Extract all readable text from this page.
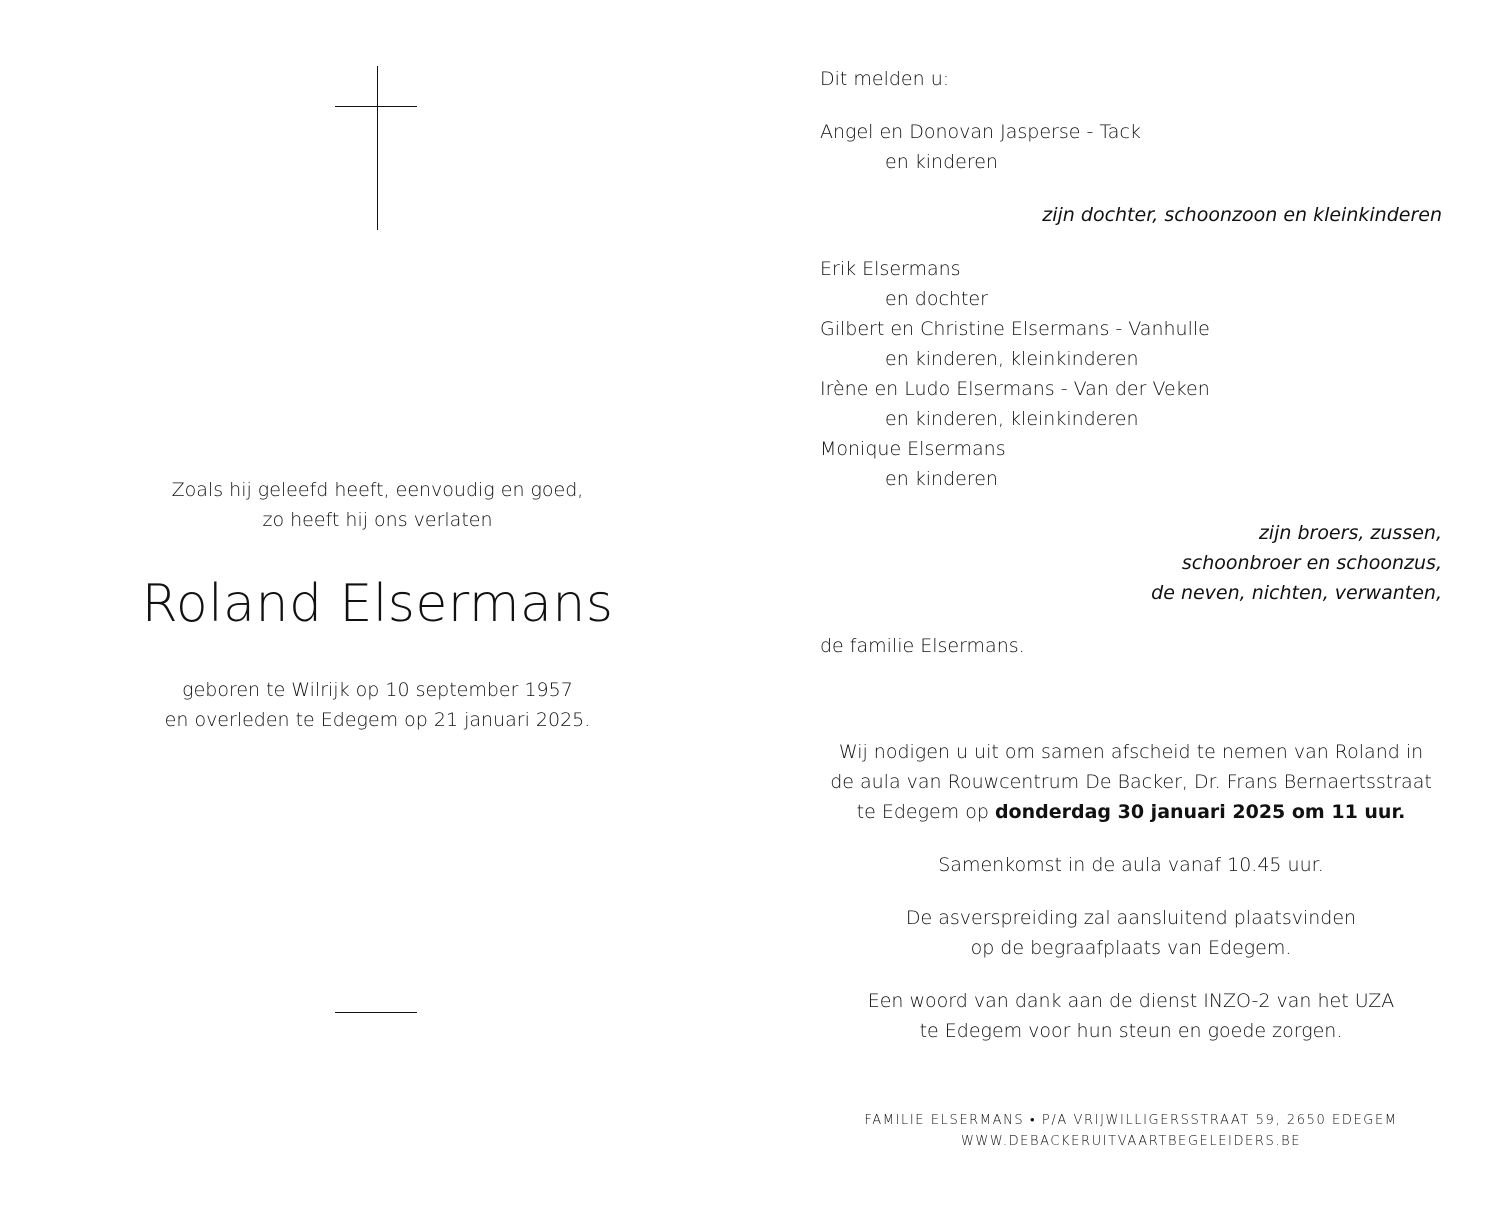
Zoals hij geleefd heeft, eenvoudig en goed,
zo heeft hij ons verlaten
Roland Elsermans
geboren te Wilrijk op 10 september 1957
en overleden te Edegem op 21 januari 2025.
Dit melden u:
Angel en Donovan Jasperse - Tack
en kinderen
zijn dochter, schoonzoon en kleinkinderen
Erik Elsermans
en dochter
Gilbert en Christine Elsermans - Vanhulle
en kinderen, kleinkinderen
Irène en Ludo Elsermans - Van der Veken
en kinderen, kleinkinderen
Monique Elsermans
en kinderen
zijn broers, zussen,
schoonbroer en schoonzus,
de neven, nichten, verwanten,
de familie Elsermans.
Wij nodigen u uit om samen afscheid te nemen van Roland in
de aula van Rouwcentrum De Backer, Dr. Frans Bernaertsstraat
te Edegem op donderdag 30 januari 2025 om 11 uur.
Samenkomst in de aula vanaf 10.45 uur.
De asverspreiding zal aansluitend plaatsvinden
op de begraafplaats van Edegem.
Een woord van dank aan de dienst INZO-2 van het UZA
te Edegem voor hun steun en goede zorgen.
FAMILIE ELSERMANS • P/A VRIJWILLIGERSSTRAAT 59, 2650 EDEGEM
WWW.DEBACKERUITVAARTBEGELEIDERS.BE
